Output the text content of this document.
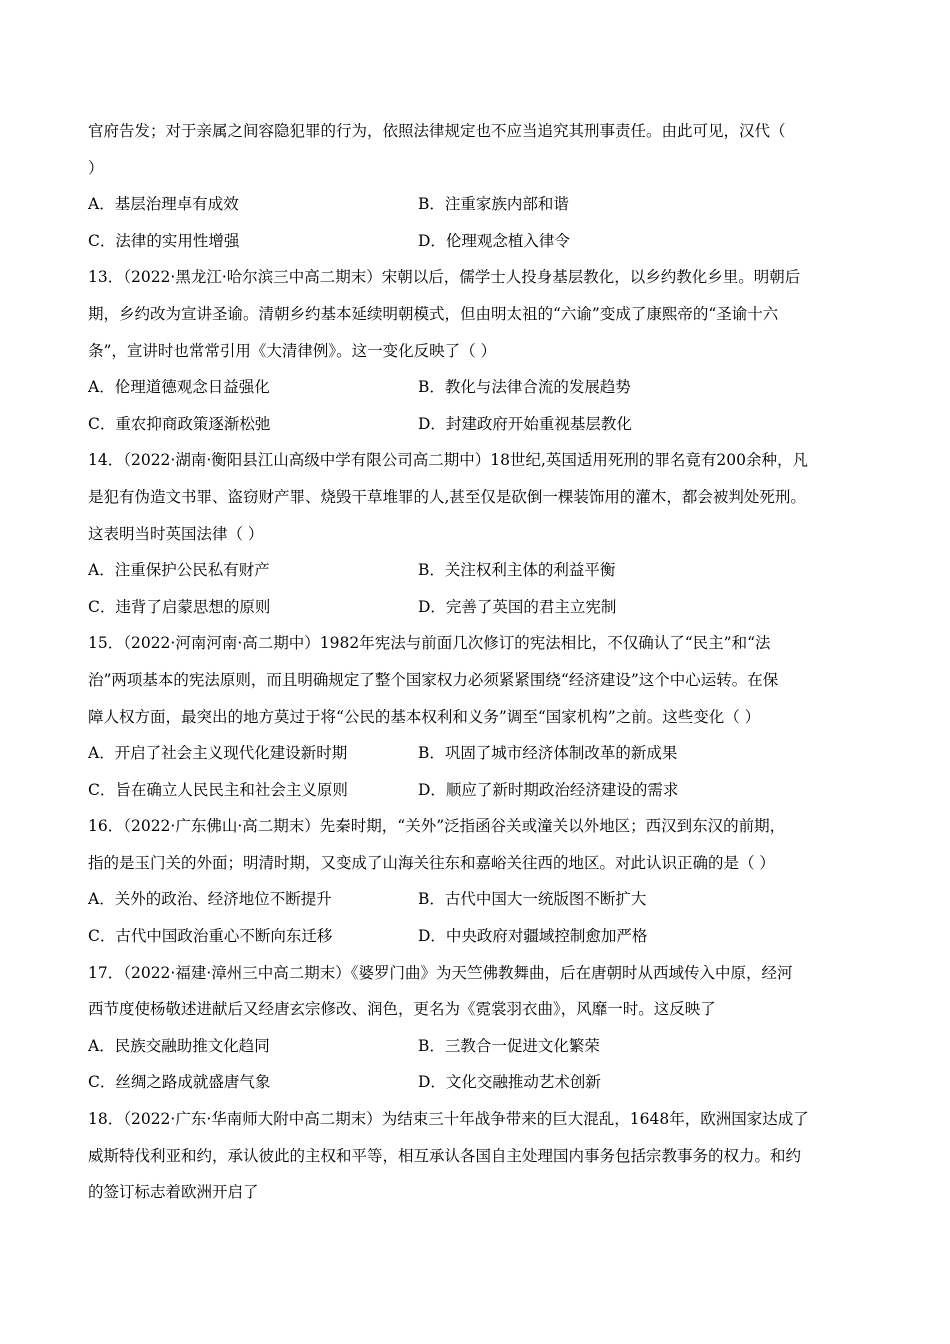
官府告发；对于亲属之间容隐犯罪的行为，依照法律规定也不应当追究其刑事责任。由此可见，汉代（
）
A．基层治理卓有成效	B．注重家族内部和谐
C．法律的实用性增强	D．伦理观念植入律令
13．（2022·黑龙江·哈尔滨三中高二期末）宋朝以后，儒学士人投身基层教化，以乡约教化乡里。明朝后
期，乡约改为宣讲圣谕。清朝乡约基本延续明朝模式，但由明太祖的“六谕”变成了康熙帝的“圣谕十六
条”，宣讲时也常常引用《大清律例》。这一变化反映了（ ）
A．伦理道德观念日益强化	B．教化与法律合流的发展趋势
C．重农抑商政策逐渐松弛	D．封建政府开始重视基层教化
14．（2022·湖南·衡阳县江山高级中学有限公司高二期中）18世纪,英国适用死刑的罪名竟有200余种，凡
是犯有伪造文书罪、盗窃财产罪、烧毁干草堆罪的人,甚至仅是砍倒一棵装饰用的灌木，都会被判处死刑。
这表明当时英国法律（ ）
A．注重保护公民私有财产	B．关注权利主体的利益平衡
C．违背了启蒙思想的原则	D．完善了英国的君主立宪制
15．（2022·河南河南·高二期中）1982年宪法与前面几次修订的宪法相比，不仅确认了“民主”和“法
治”两项基本的宪法原则，而且明确规定了整个国家权力必须紧紧围绕“经济建设”这个中心运转。在保
障人权方面，最突出的地方莫过于将“公民的基本权利和义务”调至“国家机构”之前。这些变化（ ）
A．开启了社会主义现代化建设新时期	B．巩固了城市经济体制改革的新成果
C．旨在确立人民民主和社会主义原则	D．顺应了新时期政治经济建设的需求
16．（2022·广东佛山·高二期末）先秦时期，“关外”泛指函谷关或潼关以外地区；西汉到东汉的前期，
指的是玉门关的外面；明清时期，又变成了山海关往东和嘉峪关往西的地区。对此认识正确的是（ ）
A．关外的政治、经济地位不断提升	B．古代中国大一统版图不断扩大
C．古代中国政治重心不断向东迁移	D．中央政府对疆域控制愈加严格
17．（2022·福建·漳州三中高二期末）《婆罗门曲》为天竺佛教舞曲，后在唐朝时从西域传入中原，经河
西节度使杨敬述进献后又经唐玄宗修改、润色，更名为《霓裳羽衣曲》，风靡一时。这反映了
A．民族交融助推文化趋同	B．三教合一促进文化繁荣
C．丝绸之路成就盛唐气象	D．文化交融推动艺术创新
18．（2022·广东·华南师大附中高二期末）为结束三十年战争带来的巨大混乱，1648年，欧洲国家达成了
威斯特伐利亚和约，承认彼此的主权和平等，相互承认各国自主处理国内事务包括宗教事务的权力。和约
的签订标志着欧洲开启了
